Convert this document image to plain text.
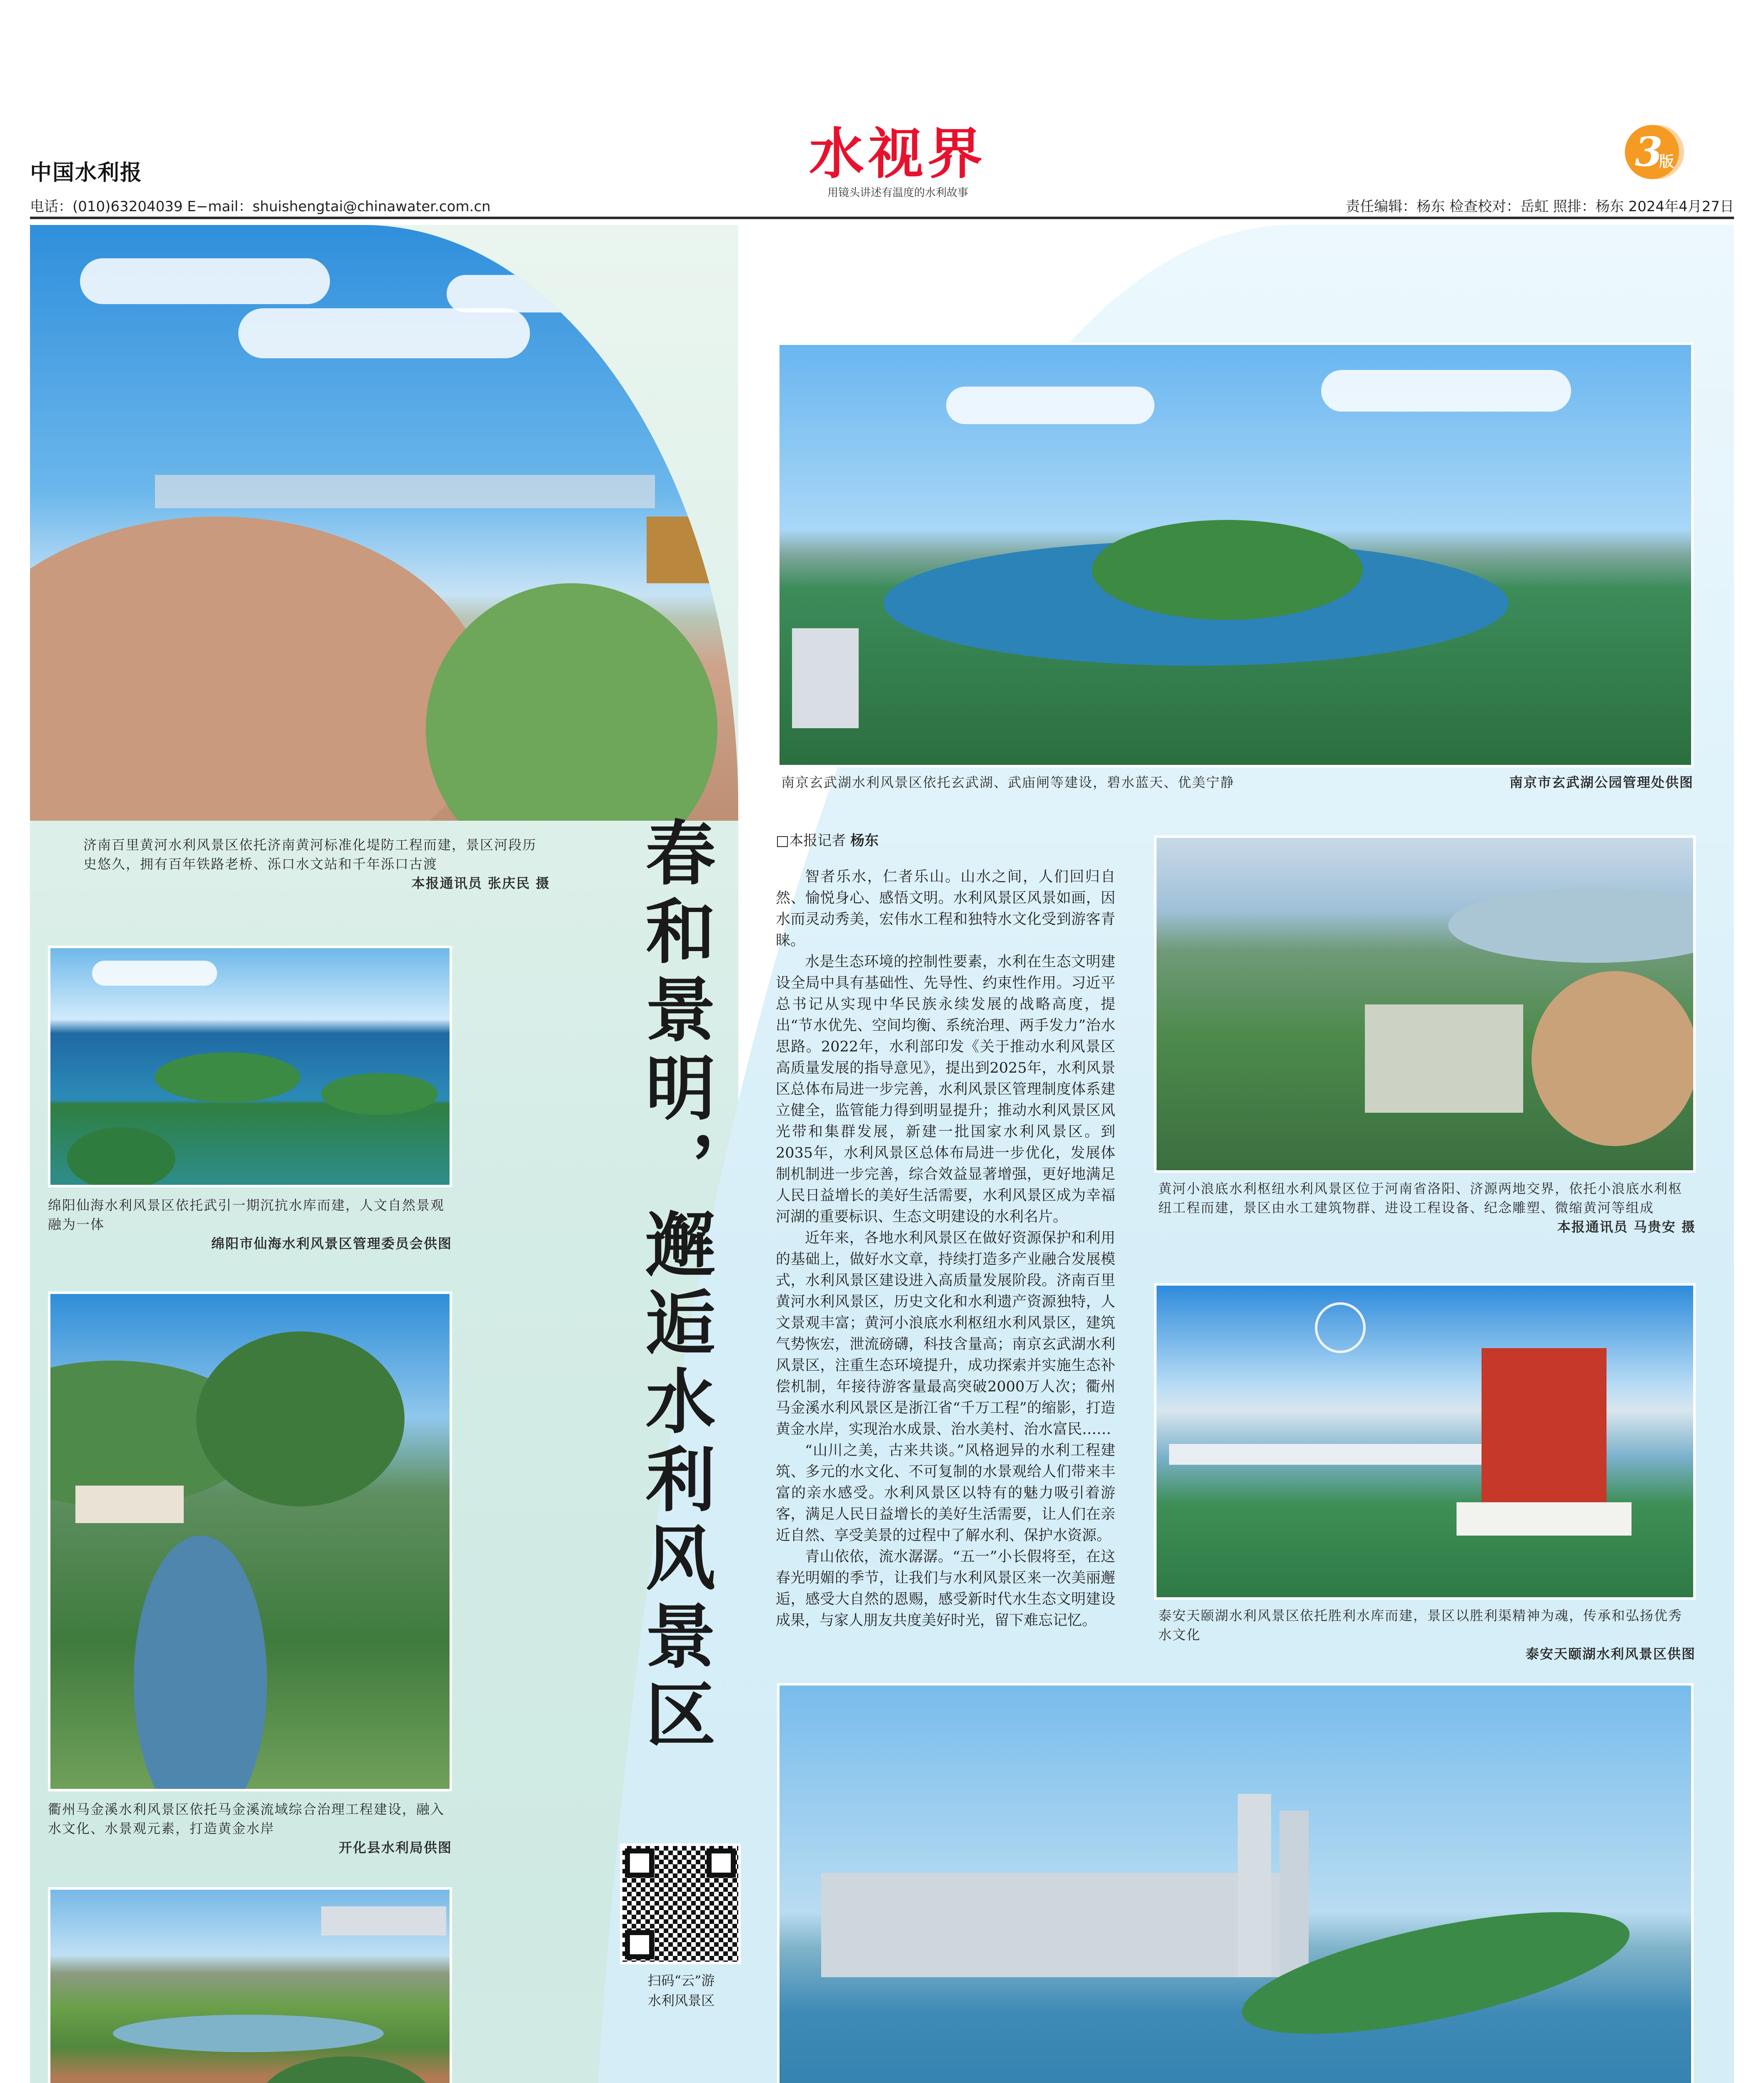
中国水利报
电话：(010)63204039 E−mail：shuishengtai@chinawater.com.cn
水视界
用镜头讲述有温度的水利故事
3
版
责任编辑：杨东 检查校对：岳虹 照排：杨东 2024年4月27日
济南百里黄河水利风景区依托济南黄河标准化堤防工程而建，景区河段历史悠久，拥有百年铁路老桥、泺口水文站和千年泺口古渡
本报通讯员 张庆民 摄
绵阳仙海水利风景区依托武引一期沉抗水库而建，人文自然景观融为一体
绵阳市仙海水利风景区管理委员会供图
衢州马金溪水利风景区依托马金溪流域综合治理工程建设，融入水文化、水景观元素，打造黄金水岸
开化县水利局供图
春和景明，邂逅水利风景区	□本报记者 杨东

智者乐水，仁者乐山。山水之间，人们回归自然、愉悦身心、感悟文明。水利风景区风景如画，因水而灵动秀美，宏伟水工程和独特水文化受到游客青睐。

水是生态环境的控制性要素，水利在生态文明建设全局中具有基础性、先导性、约束性作用。习近平总书记从实现中华民族永续发展的战略高度，提出“节水优先、空间均衡、系统治理、两手发力”治水思路。2022年，水利部印发《关于推动水利风景区高质量发展的指导意见》，提出到2025年，水利风景区总体布局进一步完善，水利风景区管理制度体系建立健全，监管能力得到明显提升；推动水利风景区风光带和集群发展，新建一批国家水利风景区。到2035年，水利风景区总体布局进一步优化，发展体制机制进一步完善，综合效益显著增强，更好地满足人民日益增长的美好生活需要，水利风景区成为幸福河湖的重要标识、生态文明建设的水利名片。

近年来，各地水利风景区在做好资源保护和利用的基础上，做好水文章，持续打造多产业融合发展模式，水利风景区建设进入高质量发展阶段。济南百里黄河水利风景区，历史文化和水利遗产资源独特，人文景观丰富；黄河小浪底水利枢纽水利风景区，建筑气势恢宏，泄流磅礴，科技含量高；南京玄武湖水利风景区，注重生态环境提升，成功探索并实施生态补偿机制，年接待游客量最高突破2000万人次；衢州马金溪水利风景区是浙江省“千万工程”的缩影，打造黄金水岸，实现治水成景、治水美村、治水富民……

“山川之美，古来共谈。”风格迥异的水利工程建筑、多元的水文化、不可复制的水景观给人们带来丰富的亲水感受。水利风景区以特有的魅力吸引着游客，满足人民日益增长的美好生活需要，让人们在亲近自然、享受美景的过程中了解水利、保护水资源。

青山依依，流水潺潺。“五一”小长假将至，在这春光明媚的季节，让我们与水利风景区来一次美丽邂逅，感受大自然的恩赐，感受新时代水生态文明建设成果，与家人朋友共度美好时光，留下难忘记忆。

扫码“云”游
水利风景区
南京玄武湖水利风景区依托玄武湖、武庙闸等建设，碧水蓝天、优美宁静	南京市玄武湖公园管理处供图
黄河小浪底水利枢纽水利风景区位于河南省洛阳、济源两地交界，依托小浪底水利枢纽工程而建，景区由水工建筑物群、进设工程设备、纪念雕塑、微缩黄河等组成
本报通讯员 马贵安 摄
泰安天颐湖水利风景区依托胜利水库而建，景区以胜利渠精神为魂，传承和弘扬优秀水文化
泰安天颐湖水利风景区供图
